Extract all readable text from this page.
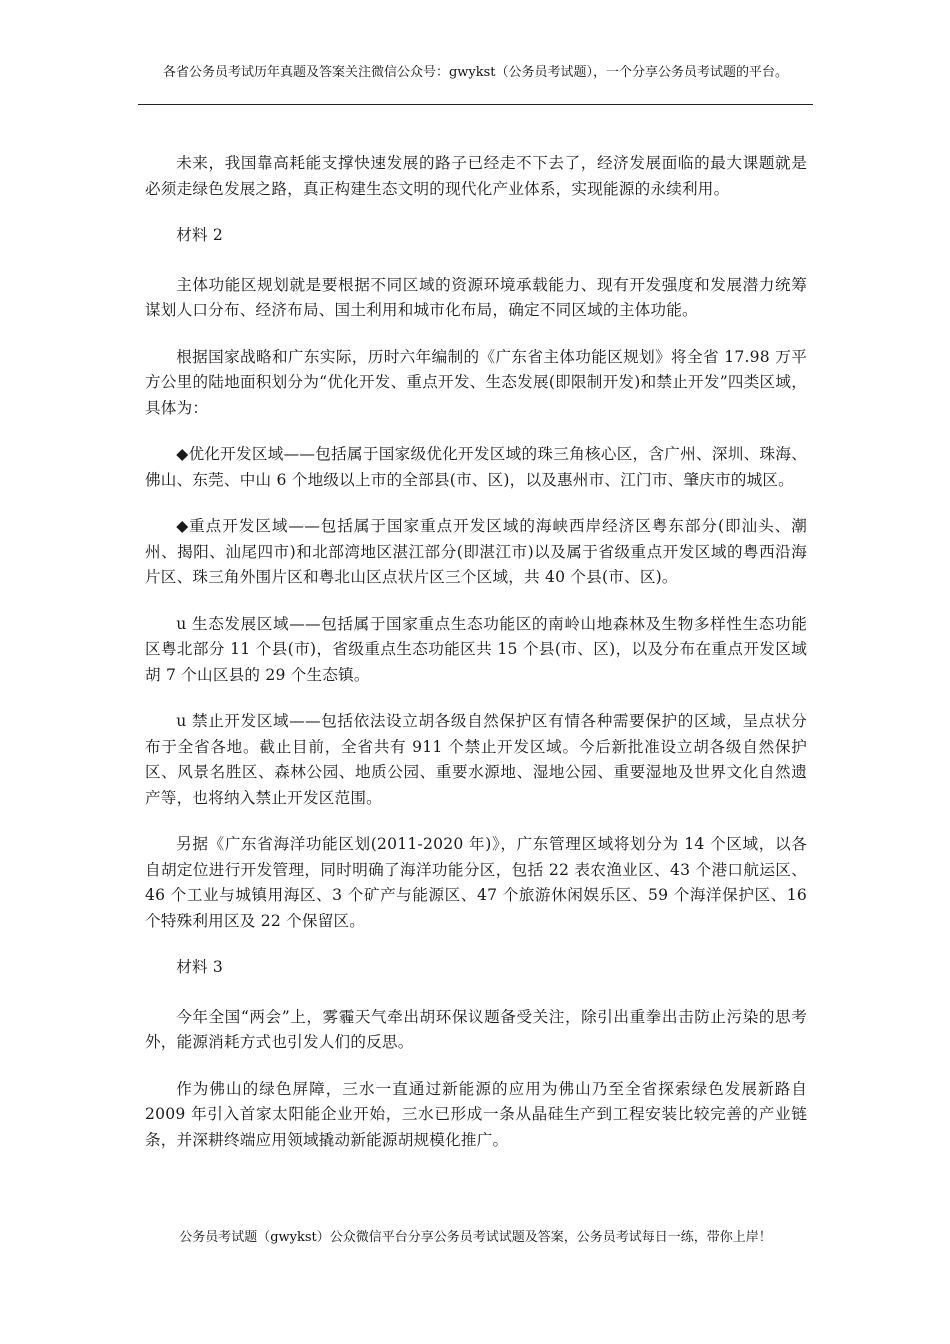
各省公务员考试历年真题及答案关注微信公众号：gwykst（公务员考试题），一个分享公务员考试题的平台。

未来，我国靠高耗能支撑快速发展的路子已经走不下去了，经济发展面临的最大课题就是必须走绿色发展之路，真正构建生态文明的现代化产业体系，实现能源的永续利用。

材料 2

主体功能区规划就是要根据不同区域的资源环境承载能力、现有开发强度和发展潜力统筹谋划人口分布、经济布局、国土利用和城市化布局，确定不同区域的主体功能。

根据国家战略和广东实际，历时六年编制的《广东省主体功能区规划》将全省 17.98 万平方公里的陆地面积划分为“优化开发、重点开发、生态发展(即限制开发)和禁止开发”四类区域，具体为：

◆优化开发区域——包括属于国家级优化开发区域的珠三角核心区，含广州、深圳、珠海、佛山、东莞、中山 6 个地级以上市的全部县(市、区)，以及惠州市、江门市、肇庆市的城区。

◆重点开发区域——包括属于国家重点开发区域的海峡西岸经济区粤东部分(即汕头、潮州、揭阳、汕尾四市)和北部湾地区湛江部分(即湛江市)以及属于省级重点开发区域的粤西沿海片区、珠三角外围片区和粤北山区点状片区三个区域，共 40 个县(市、区)。

u 生态发展区域——包括属于国家重点生态功能区的南岭山地森林及生物多样性生态功能区粤北部分 11 个县(市)，省级重点生态功能区共 15 个县(市、区)，以及分布在重点开发区域胡 7 个山区县的 29 个生态镇。

u 禁止开发区域——包括依法设立胡各级自然保护区有情各种需要保护的区域，呈点状分布于全省各地。截止目前，全省共有 911 个禁止开发区域。今后新批准设立胡各级自然保护区、风景名胜区、森林公园、地质公园、重要水源地、湿地公园、重要湿地及世界文化自然遗产等，也将纳入禁止开发区范围。

另据《广东省海洋功能区划(2011-2020 年)》，广东管理区域将划分为 14 个区域，以各自胡定位进行开发管理，同时明确了海洋功能分区，包括 22 表农渔业区、43 个港口航运区、46 个工业与城镇用海区、3 个矿产与能源区、47 个旅游休闲娱乐区、59 个海洋保护区、16 个特殊利用区及 22 个保留区。

材料 3

今年全国“两会”上，雾霾天气牵出胡环保议题备受关注，除引出重拳出击防止污染的思考外，能源消耗方式也引发人们的反思。

作为佛山的绿色屏障，三水一直通过新能源的应用为佛山乃至全省探索绿色发展新路自 2009 年引入首家太阳能企业开始，三水已形成一条从晶硅生产到工程安装比较完善的产业链条，并深耕终端应用领域撬动新能源胡规模化推广。

公务员考试题（gwykst）公众微信平台分享公务员考试试题及答案，公务员考试每日一练，带你上岸！
